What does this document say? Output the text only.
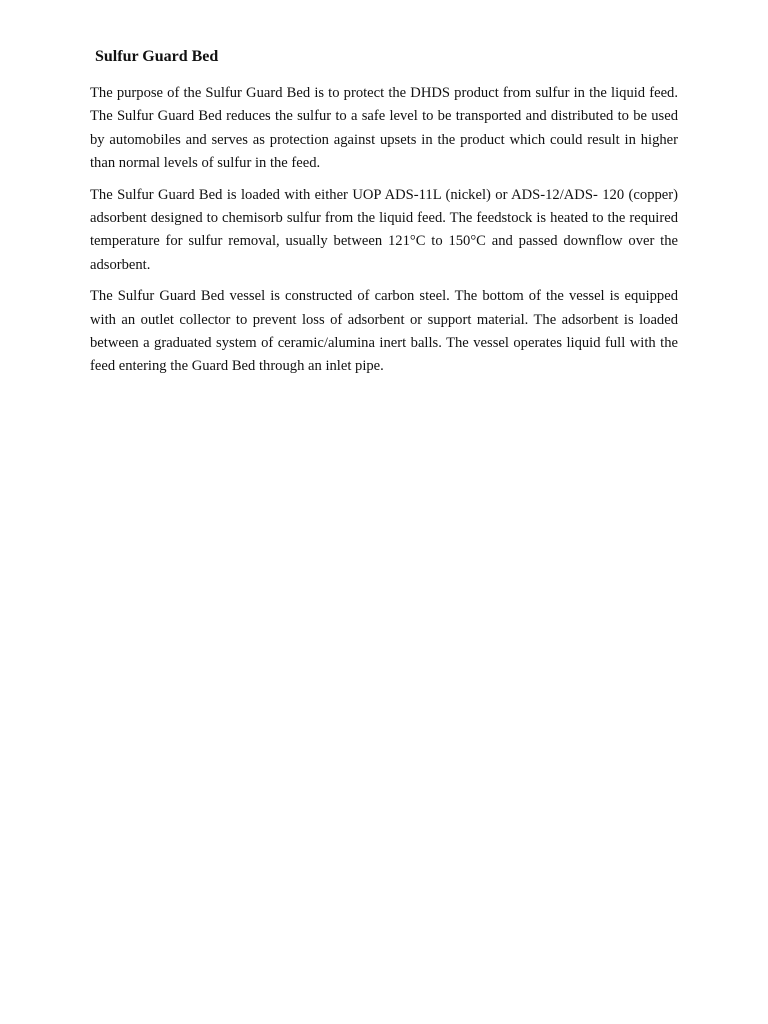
Sulfur Guard Bed

The purpose of the Sulfur Guard Bed is to protect the DHDS product from sulfur in the liquid feed. The Sulfur Guard Bed reduces the sulfur to a safe level to be transported and distributed to be used by automobiles and serves as protection against upsets in the product which could result in higher than normal levels of sulfur in the feed.

The Sulfur Guard Bed is loaded with either UOP ADS-11L (nickel) or ADS-12/ADS- 120 (copper) adsorbent designed to chemisorb sulfur from the liquid feed. The feedstock is heated to the required temperature for sulfur removal, usually between 121°C to 150°C and passed downflow over the adsorbent.

The Sulfur Guard Bed vessel is constructed of carbon steel. The bottom of the vessel is equipped with an outlet collector to prevent loss of adsorbent or support material. The adsorbent is loaded between a graduated system of ceramic/alumina inert balls. The vessel operates liquid full with the feed entering the Guard Bed through an inlet pipe.
